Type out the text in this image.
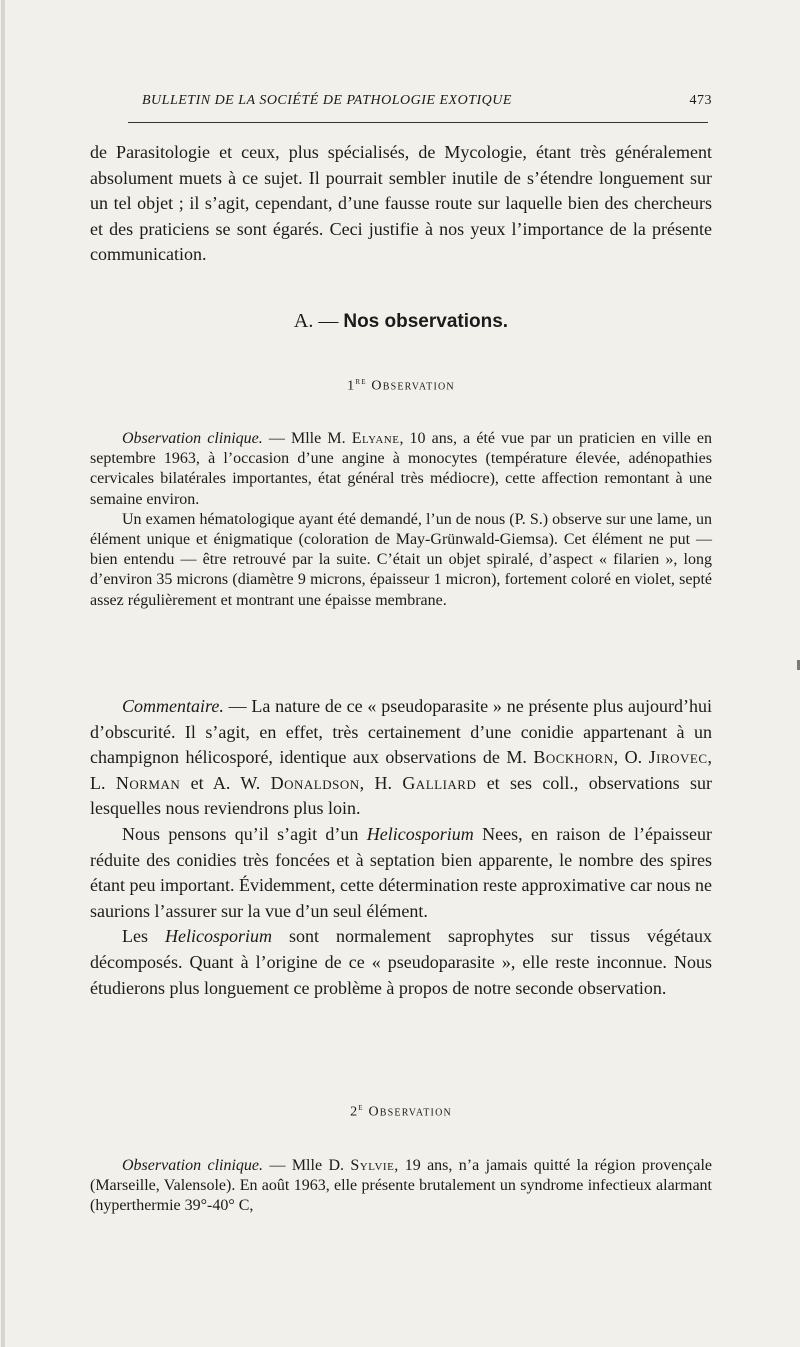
BULLETIN DE LA SOCIÉTÉ DE PATHOLOGIE EXOTIQUE	473

de Parasitologie et ceux, plus spécialisés, de Mycologie, étant très généralement absolument muets à ce sujet. Il pourrait sembler inutile de s’étendre longuement sur un tel objet ; il s’agit, cependant, d’une fausse route sur laquelle bien des chercheurs et des praticiens se sont égarés. Ceci justifie à nos yeux l’importance de la présente communication.

A. — Nos observations.
1re Observation

Observation clinique. — Mlle M. Elyane, 10 ans, a été vue par un praticien en ville en septembre 1963, à l’occasion d’une angine à monocytes (température élevée, adénopathies cervicales bilatérales importantes, état général très médiocre), cette affection remontant à une semaine environ.

Un examen hématologique ayant été demandé, l’un de nous (P. S.) observe sur une lame, un élément unique et énigmatique (coloration de May-Grünwald-Giemsa). Cet élément ne put — bien entendu — être retrouvé par la suite. C’était un objet spiralé, d’aspect « filarien », long d’environ 35 microns (diamètre 9 microns, épaisseur 1 micron), fortement coloré en violet, septé assez régulièrement et montrant une épaisse membrane.

Commentaire. — La nature de ce « pseudoparasite » ne présente plus aujourd’hui d’obscurité. Il s’agit, en effet, très certainement d’une conidie appartenant à un champignon hélicosporé, identique aux observations de M. Bockhorn, O. Jirovec, L. Norman et A. W. Donaldson, H. Galliard et ses coll., observations sur lesquelles nous reviendrons plus loin.

Nous pensons qu’il s’agit d’un Helicosporium Nees, en raison de l’épaisseur réduite des conidies très foncées et à septation bien apparente, le nombre des spires étant peu important. Évidemment, cette détermination reste approximative car nous ne saurions l’assurer sur la vue d’un seul élément.

Les Helicosporium sont normalement saprophytes sur tissus végétaux décomposés. Quant à l’origine de ce « pseudoparasite », elle reste inconnue. Nous étudierons plus longuement ce problème à propos de notre seconde observation.

2e Observation

Observation clinique. — Mlle D. Sylvie, 19 ans, n’a jamais quitté la région provençale (Marseille, Valensole). En août 1963, elle présente brutalement un syndrome infectieux alarmant (hyperthermie 39°-40° C,
